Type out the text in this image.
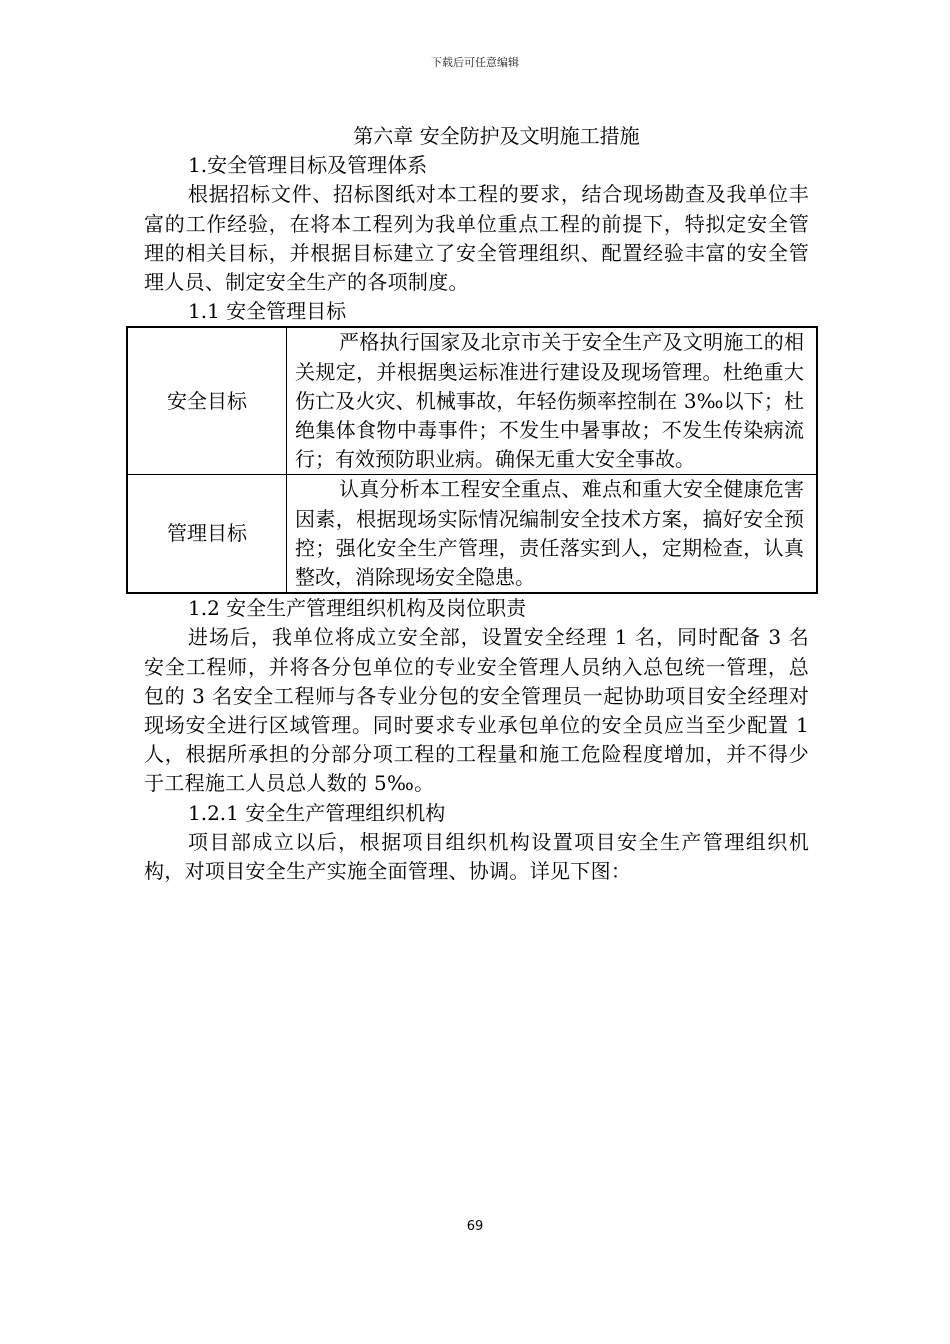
下载后可任意编辑

第六章 安全防护及文明施工措施

1.安全管理目标及管理体系

根据招标文件、招标图纸对本工程的要求，结合现场勘查及我单位丰富的工作经验，在将本工程列为我单位重点工程的前提下，特拟定安全管理的相关目标，并根据目标建立了安全管理组织、配置经验丰富的安全管理人员、制定安全生产的各项制度。

1.1 安全管理目标

安全目标	严格执行国家及北京市关于安全生产及文明施工的相关规定，并根据奥运标准进行建设及现场管理。杜绝重大伤亡及火灾、机械事故，年轻伤频率控制在 3‰以下；杜绝集体食物中毒事件；不发生中暑事故；不发生传染病流行；有效预防职业病。确保无重大安全事故。
管理目标	认真分析本工程安全重点、难点和重大安全健康危害因素，根据现场实际情况编制安全技术方案，搞好安全预控；强化安全生产管理，责任落实到人，定期检查，认真整改，消除现场安全隐患。

1.2 安全生产管理组织机构及岗位职责

进场后，我单位将成立安全部，设置安全经理 1 名，同时配备 3 名安全工程师，并将各分包单位的专业安全管理人员纳入总包统一管理，总包的 3 名安全工程师与各专业分包的安全管理员一起协助项目安全经理对现场安全进行区域管理。同时要求专业承包单位的安全员应当至少配置 1 人，根据所承担的分部分项工程的工程量和施工危险程度增加，并不得少于工程施工人员总人数的 5‰。

1.2.1 安全生产管理组织机构

项目部成立以后，根据项目组织机构设置项目安全生产管理组织机构，对项目安全生产实施全面管理、协调。详见下图：

69
